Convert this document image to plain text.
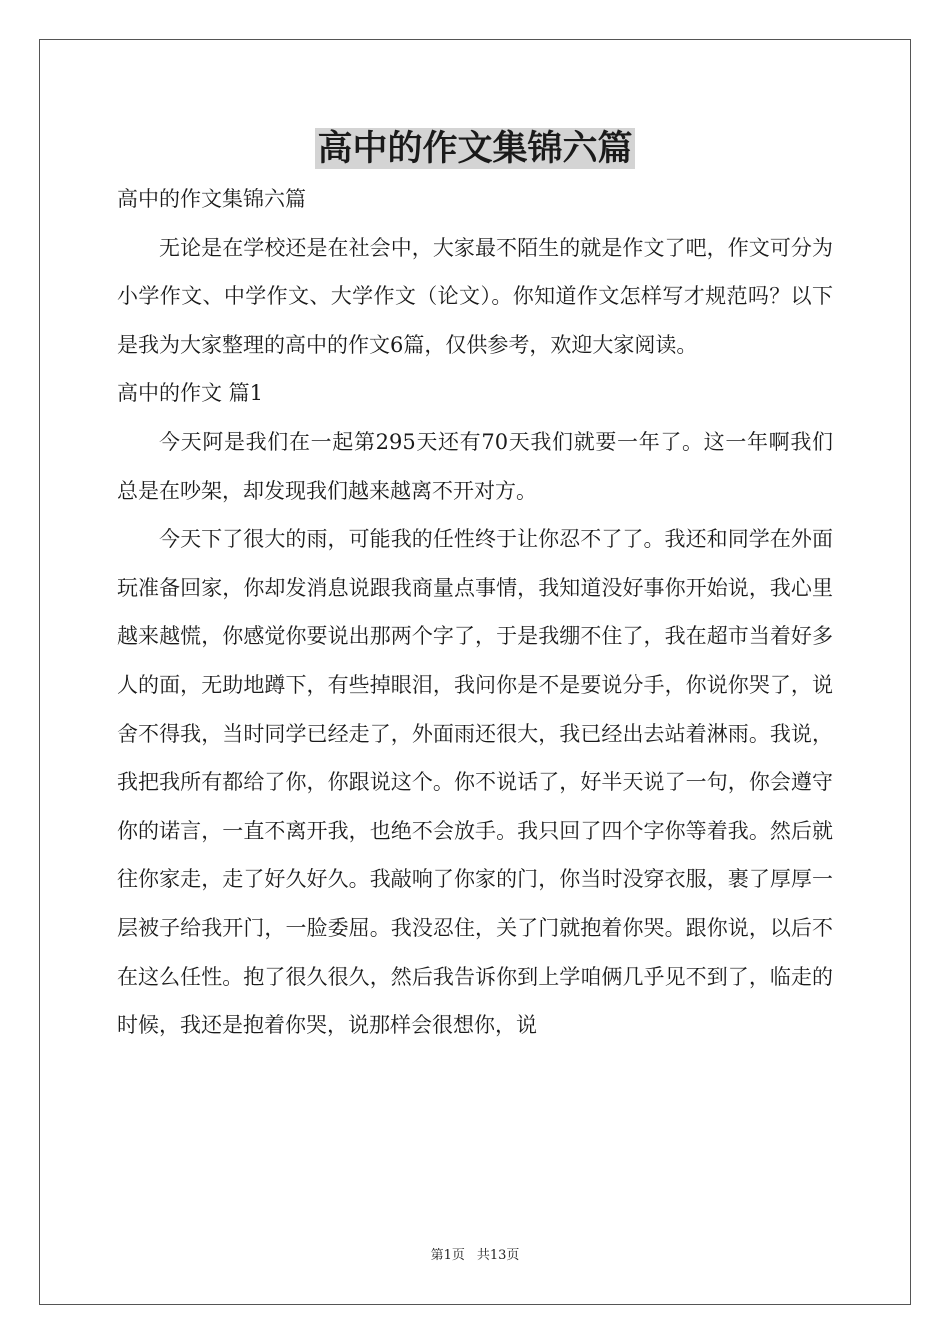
高中的作文集锦六篇

高中的作文集锦六篇

无论是在学校还是在社会中，大家最不陌生的就是作文了吧，作文可分为小学作文、中学作文、大学作文（论文）。你知道作文怎样写才规范吗？以下是我为大家整理的高中的作文6篇，仅供参考，欢迎大家阅读。

高中的作文 篇1

今天阿是我们在一起第295天还有70天我们就要一年了。这一年啊我们总是在吵架，却发现我们越来越离不开对方。

今天下了很大的雨，可能我的任性终于让你忍不了了。我还和同学在外面玩准备回家，你却发消息说跟我商量点事情，我知道没好事你开始说，我心里越来越慌，你感觉你要说出那两个字了，于是我绷不住了，我在超市当着好多人的面，无助地蹲下，有些掉眼泪，我问你是不是要说分手，你说你哭了，说舍不得我，当时同学已经走了，外面雨还很大，我已经出去站着淋雨。我说，我把我所有都给了你，你跟说这个。你不说话了，好半天说了一句，你会遵守你的诺言，一直不离开我，也绝不会放手。我只回了四个字你等着我。然后就往你家走，走了好久好久。我敲响了你家的门，你当时没穿衣服，裹了厚厚一层被子给我开门，一脸委屈。我没忍住，关了门就抱着你哭。跟你说，以后不在这么任性。抱了很久很久，然后我告诉你到上学咱俩几乎见不到了，临走的时候，我还是抱着你哭，说那样会很想你，说

第1页 共13页
